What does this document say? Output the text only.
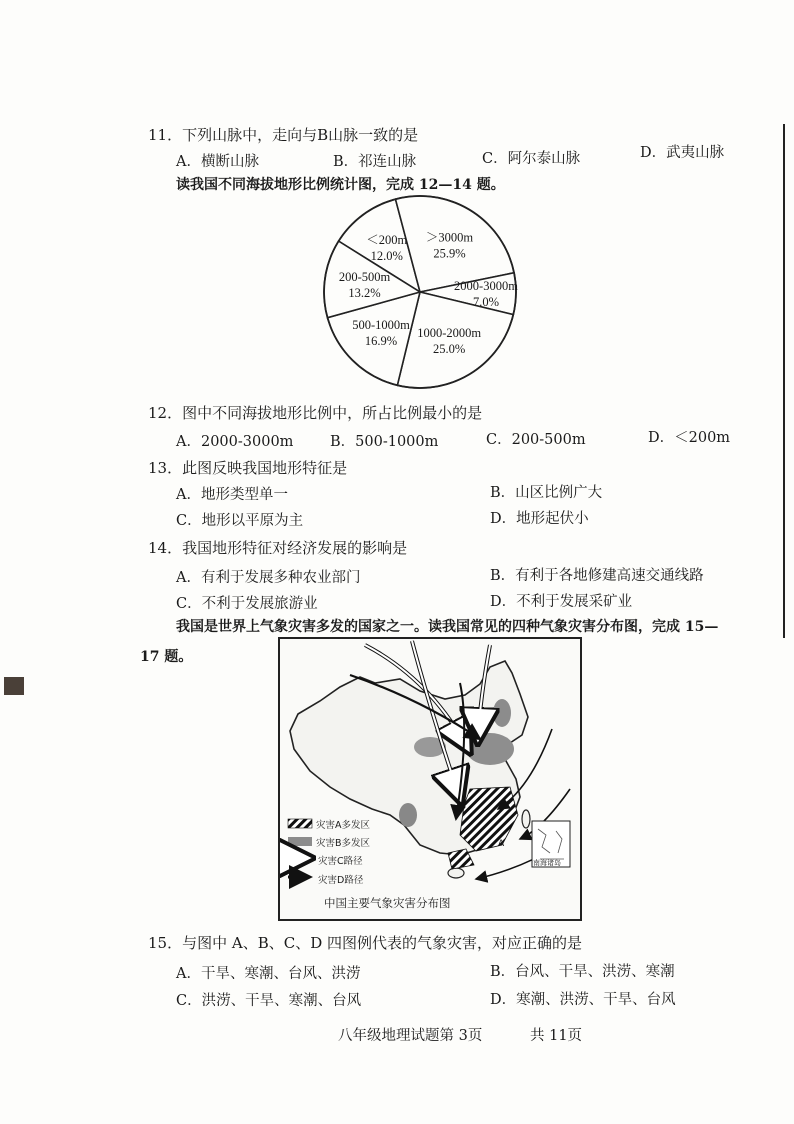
11．下列山脉中，走向与B山脉一致的是
A．横断山脉	B．祁连山脉	C．阿尔泰山脉	D．武夷山脉
读我国不同海拔地形比例统计图，完成 12—14 题。
＜200m
12.0%
＞3000m
25.9%
2000-3000m
7.0%
1000-2000m
25.0%
500-1000m
16.9%
200-500m
13.2%
12．图中不同海拔地形比例中，所占比例最小的是
A．2000-3000m	B．500-1000m	C．200-500m	D．＜200m
13．此图反映我国地形特征是
A．地形类型单一	B．山区比例广大
C．地形以平原为主	D．地形起伏小
14．我国地形特征对经济发展的影响是
A．有利于发展多种农业部门	B．有利于各地修建高速交通线路
C．不利于发展旅游业	D．不利于发展采矿业
我国是世界上气象灾害多发的国家之一。读我国常见的四种气象灾害分布图，完成 15—
17 题。
灾害A多发区
灾害B多发区
灾害C路径
灾害D路径
南海诸岛
A
中国主要气象灾害分布图
15．与图中 A、B、C、D 四图例代表的气象灾害，对应正确的是
A．干旱、寒潮、台风、洪涝	B．台风、干旱、洪涝、寒潮
C．洪涝、干旱、寒潮、台风	D．寒潮、洪涝、干旱、台风
八年级地理试题第 3页	共 11页
